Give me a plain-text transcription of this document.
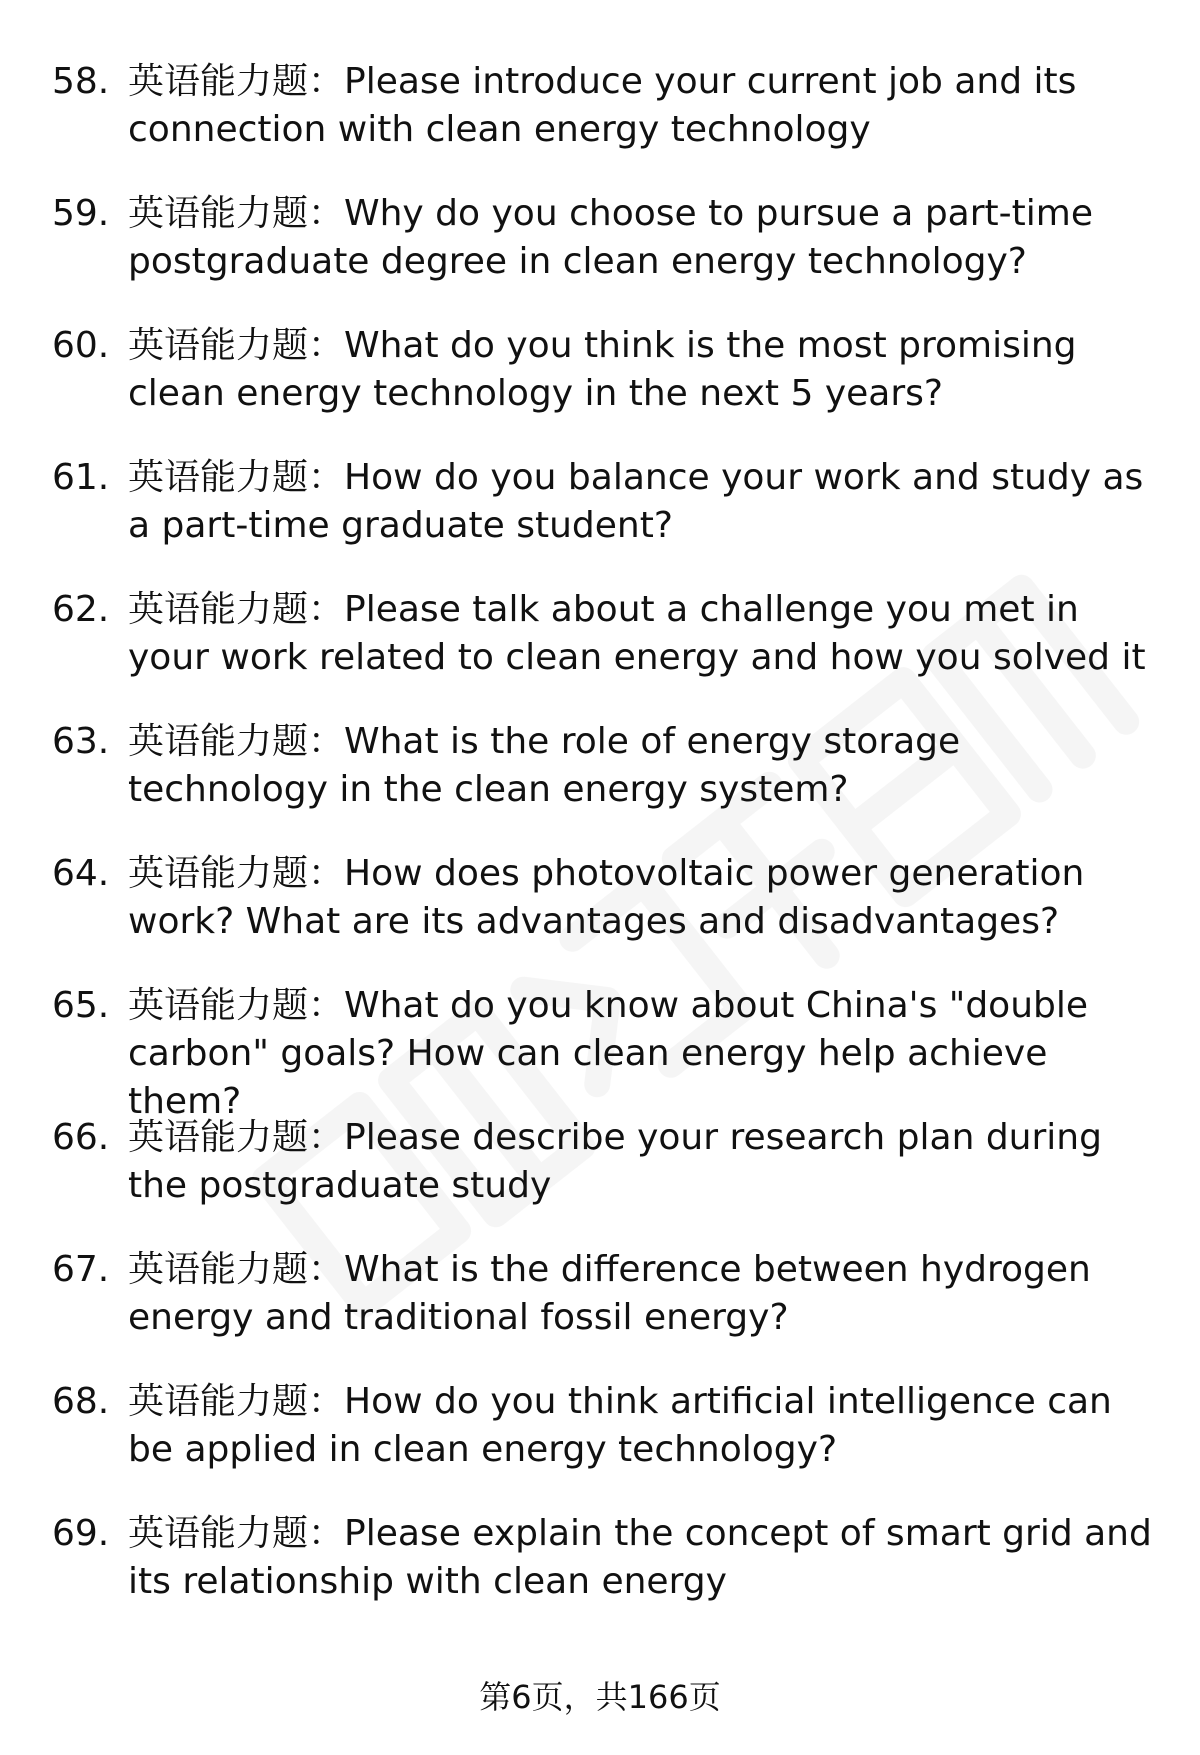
58. 英语能力题：Please introduce your current job and its connection with clean energy technology
59. 英语能力题：Why do you choose to pursue a part-time postgraduate degree in clean energy technology?
60. 英语能力题：What do you think is the most promising clean energy technology in the next 5 years?
61. 英语能力题：How do you balance your work and study as a part-time graduate student?
62. 英语能力题：Please talk about a challenge you met in your work related to clean energy and how you solved it
63. 英语能力题：What is the role of energy storage technology in the clean energy system?
64. 英语能力题：How does photovoltaic power generation work? What are its advantages and disadvantages?
65. 英语能力题：What do you know about China's "double carbon" goals? How can clean energy help achieve them?
66. 英语能力题：Please describe your research plan during the postgraduate study
67. 英语能力题：What is the difference between hydrogen energy and traditional fossil energy?
68. 英语能力题：How do you think artificial intelligence can be applied in clean energy technology?
69. 英语能力题：Please explain the concept of smart grid and its relationship with clean energy
第6页，共166页
